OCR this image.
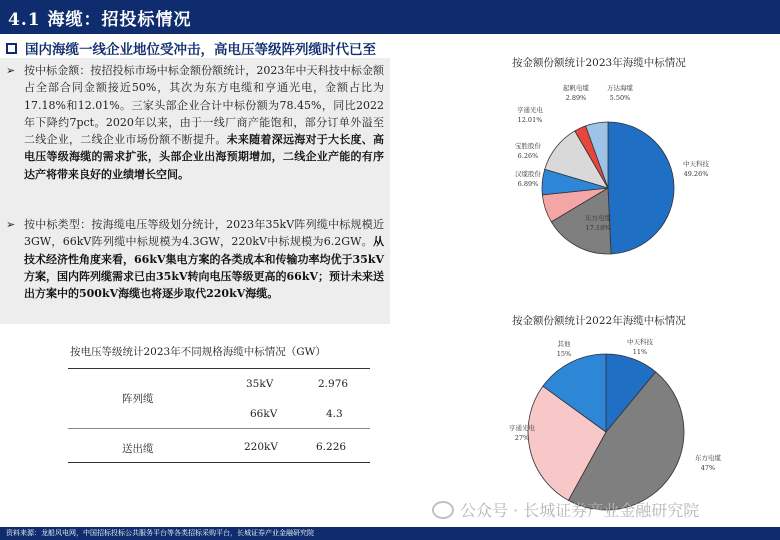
4.1 海缆：招投标情况
国内海缆一线企业地位受冲击，高电压等级阵列缆时代已至
➢ 按中标金额：按招投标市场中标金额份额统计，2023年中天科技中标金额占全部合同金额接近50%，其次为东方电缆和亨通光电，金额占比为17.18%和12.01%。三家头部企业合计中标份额为78.45%，同比2022年下降约7pct。2020年以来，由于一线厂商产能饱和，部分订单外溢至二线企业，二线企业市场份额不断提升。未来随着深远海对于大长度、高电压等级海缆的需求扩张，头部企业出海预期增加，二线企业产能的有序达产将带来良好的业绩增长空间。
➢ 按中标类型：按海缆电压等级划分统计，2023年35kV阵列缆中标规模近3GW，66kV阵列缆中标规模为4.3GW，220kV中标规模为6.2GW。从技术经济性角度来看，66kV集电方案的各类成本和传输功率均优于35kV方案，国内阵列缆需求已由35kV转向电压等级更高的66kV；预计未来送出方案中的500kV海缆也将逐步取代220kV海缆。
按电压等级统计2023年不同规格海缆中标情况（GW）
阵列缆
35kV	2.976
66kV	4.3
送出缆	220kV	6.226
按金额份额统计2023年海缆中标情况
中天科技
49.26%
东方电缆
17.18%
汉缆股份
6.89%
宝胜股份
6.26%
亨通光电
12.01%
起帆电缆
2.89%
万达海缆
5.50%
按金额份额统计2022年海缆中标情况
中天科技
11%
东方电缆
47%
亨通光电
27%
其他
15%
公众号 · 长城证券产业金融研究院
资料来源：龙船风电网，中国招标投标公共服务平台等各类招标采购平台，长城证券产业金融研究院
